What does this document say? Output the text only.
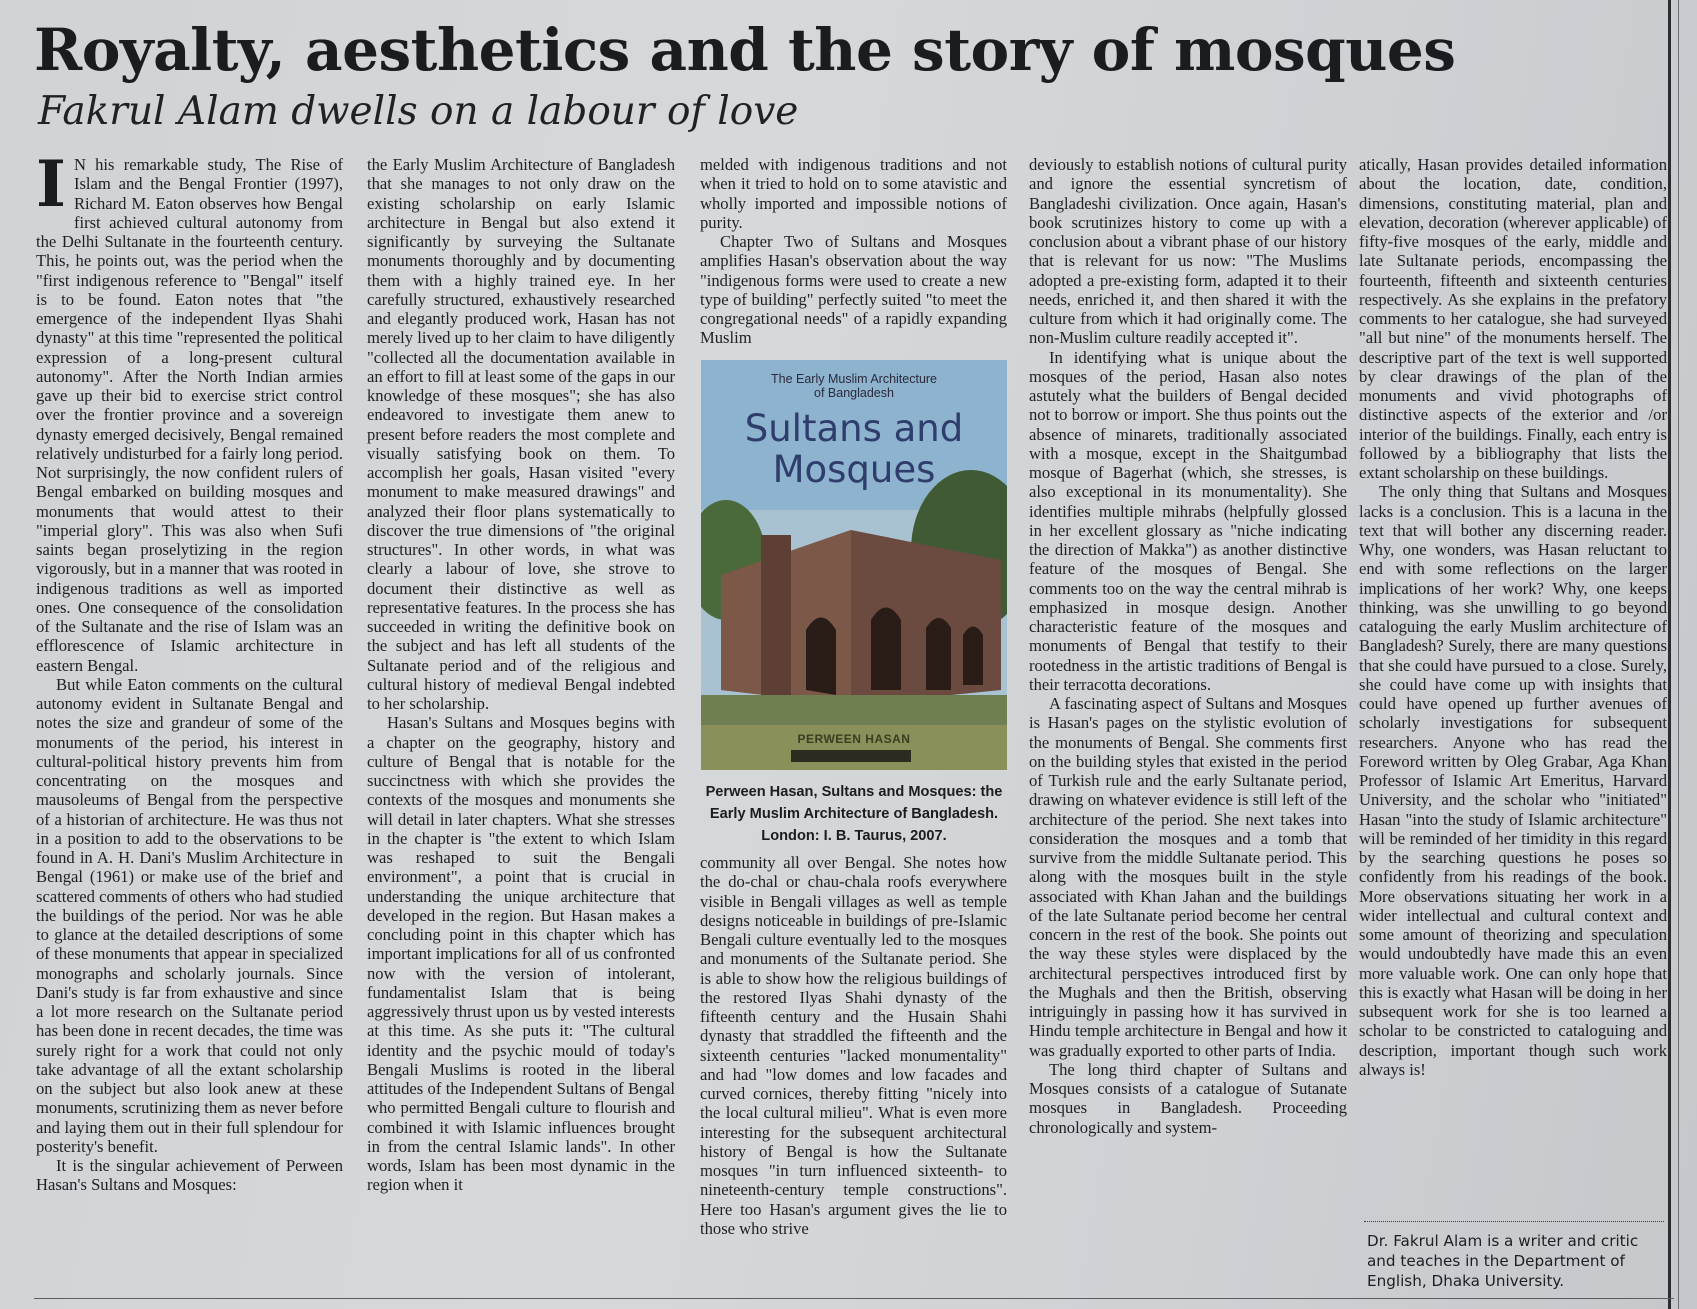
Royalty, aesthetics and the story of mosques
Fakrul Alam dwells on a labour of love
I N his remarkable study, The Rise of Islam and the Bengal Frontier (1997), Richard M. Eaton observes how Bengal first achieved cultural autonomy from the Delhi Sultanate in the fourteenth century. This, he points out, was the period when the "first indigenous reference to "Bengal" itself is to be found. Eaton notes that "the emergence of the independent Ilyas Shahi dynasty" at this time "represented the political expression of a long-present cultural autonomy". After the North Indian armies gave up their bid to exercise strict control over the frontier province and a sovereign dynasty emerged decisively, Bengal remained relatively undisturbed for a fairly long period. Not surprisingly, the now confident rulers of Bengal embarked on building mosques and monuments that would attest to their "imperial glory". This was also when Sufi saints began proselytizing in the region vigorously, but in a manner that was rooted in indigenous traditions as well as imported ones. One consequence of the consolidation of the Sultanate and the rise of Islam was an efflorescence of Islamic architecture in eastern Bengal.

But while Eaton comments on the cultural autonomy evident in Sultanate Bengal and notes the size and grandeur of some of the monuments of the period, his interest in cultural-political history prevents him from concentrating on the mosques and mausoleums of Bengal from the perspective of a historian of architecture. He was thus not in a position to add to the observations to be found in A. H. Dani's Muslim Architecture in Bengal (1961) or make use of the brief and scattered comments of others who had studied the buildings of the period. Nor was he able to glance at the detailed descriptions of some of these monuments that appear in specialized monographs and scholarly journals. Since Dani's study is far from exhaustive and since a lot more research on the Sultanate period has been done in recent decades, the time was surely right for a work that could not only take advantage of all the extant scholarship on the subject but also look anew at these monuments, scrutinizing them as never before and laying them out in their full splendour for posterity's benefit.

It is the singular achievement of Perween Hasan's Sultans and Mosques:

the Early Muslim Architecture of Bangladesh that she manages to not only draw on the existing scholarship on early Islamic architecture in Bengal but also extend it significantly by surveying the Sultanate monuments thoroughly and by documenting them with a highly trained eye. In her carefully structured, exhaustively researched and elegantly produced work, Hasan has not merely lived up to her claim to have diligently "collected all the documentation available in an effort to fill at least some of the gaps in our knowledge of these mosques"; she has also endeavored to investigate them anew to present before readers the most complete and visually satisfying book on them. To accomplish her goals, Hasan visited "every monument to make measured drawings" and analyzed their floor plans systematically to discover the true dimensions of "the original structures". In other words, in what was clearly a labour of love, she strove to document their distinctive as well as representative features. In the process she has succeeded in writing the definitive book on the subject and has left all students of the Sultanate period and of the religious and cultural history of medieval Bengal indebted to her scholarship.

Hasan's Sultans and Mosques begins with a chapter on the geography, history and culture of Bengal that is notable for the succinctness with which she provides the contexts of the mosques and monuments she will detail in later chapters. What she stresses in the chapter is "the extent to which Islam was reshaped to suit the Bengali environment", a point that is crucial in understanding the unique architecture that developed in the region. But Hasan makes a concluding point in this chapter which has important implications for all of us confronted now with the version of intolerant, fundamentalist Islam that is being aggressively thrust upon us by vested interests at this time. As she puts it: "The cultural identity and the psychic mould of today's Bengali Muslims is rooted in the liberal attitudes of the Independent Sultans of Bengal who permitted Bengali culture to flourish and combined it with Islamic influences brought in from the central Islamic lands". In other words, Islam has been most dynamic in the region when it

melded with indigenous traditions and not when it tried to hold on to some atavistic and wholly imported and impossible notions of purity.

Chapter Two of Sultans and Mosques amplifies Hasan's observation about the way "indigenous forms were used to create a new type of building" perfectly suited "to meet the congregational needs" of a rapidly expanding Muslim

community all over Bengal. She notes how the do-chal or chau-chala roofs everywhere visible in Bengali villages as well as temple designs noticeable in buildings of pre-Islamic Bengali culture eventually led to the mosques and monuments of the Sultanate period. She is able to show how the religious buildings of the restored Ilyas Shahi dynasty of the fifteenth century and the Husain Shahi dynasty that straddled the fifteenth and the sixteenth centuries "lacked monumentality" and had "low domes and low facades and curved cornices, thereby fitting "nicely into the local cultural milieu". What is even more interesting for the subsequent architectural history of Bengal is how the Sultanate mosques "in turn influenced sixteenth- to nineteenth-century temple constructions". Here too Hasan's argument gives the lie to those who strive

The Early Muslim Architecture
of Bangladesh
Sultans and
Mosques
PERWEEN HASAN
Perween Hasan, Sultans and Mosques: the Early Muslim Architecture of Bangladesh. London: I. B. Taurus, 2007.

deviously to establish notions of cultural purity and ignore the essential syncretism of Bangladeshi civilization. Once again, Hasan's book scrutinizes history to come up with a conclusion about a vibrant phase of our history that is relevant for us now: "The Muslims adopted a pre-existing form, adapted it to their needs, enriched it, and then shared it with the culture from which it had originally come. The non-Muslim culture readily accepted it".

In identifying what is unique about the mosques of the period, Hasan also notes astutely what the builders of Bengal decided not to borrow or import. She thus points out the absence of minarets, traditionally associated with a mosque, except in the Shaitgumbad mosque of Bagerhat (which, she stresses, is also exceptional in its monumentality). She identifies multiple mihrabs (helpfully glossed in her excellent glossary as "niche indicating the direction of Makka") as another distinctive feature of the mosques of Bengal. She comments too on the way the central mihrab is emphasized in mosque design. Another characteristic feature of the mosques and monuments of Bengal that testify to their rootedness in the artistic traditions of Bengal is their terracotta decorations.

A fascinating aspect of Sultans and Mosques is Hasan's pages on the stylistic evolution of the monuments of Bengal. She comments first on the building styles that existed in the period of Turkish rule and the early Sultanate period, drawing on whatever evidence is still left of the architecture of the period. She next takes into consideration the mosques and a tomb that survive from the middle Sultanate period. This along with the mosques built in the style associated with Khan Jahan and the buildings of the late Sultanate period become her central concern in the rest of the book. She points out the way these styles were displaced by the architectural perspectives introduced first by the Mughals and then the British, observing intriguingly in passing how it has survived in Hindu temple architecture in Bengal and how it was gradually exported to other parts of India.

The long third chapter of Sultans and Mosques consists of a catalogue of Sutanate mosques in Bangladesh. Proceeding chronologically and system-

atically, Hasan provides detailed information about the location, date, condition, dimensions, constituting material, plan and elevation, decoration (wherever applicable) of fifty-five mosques of the early, middle and late Sultanate periods, encompassing the fourteenth, fifteenth and sixteenth centuries respectively. As she explains in the prefatory comments to her catalogue, she had surveyed "all but nine" of the monuments herself. The descriptive part of the text is well supported by clear drawings of the plan of the monuments and vivid photographs of distinctive aspects of the exterior and /or interior of the buildings. Finally, each entry is followed by a bibliography that lists the extant scholarship on these buildings.

The only thing that Sultans and Mosques lacks is a conclusion. This is a lacuna in the text that will bother any discerning reader. Why, one wonders, was Hasan reluctant to end with some reflections on the larger implications of her work? Why, one keeps thinking, was she unwilling to go beyond cataloguing the early Muslim architecture of Bangladesh? Surely, there are many questions that she could have pursued to a close. Surely, she could have come up with insights that could have opened up further avenues of scholarly investigations for subsequent researchers. Anyone who has read the Foreword written by Oleg Grabar, Aga Khan Professor of Islamic Art Emeritus, Harvard University, and the scholar who "initiated" Hasan "into the study of Islamic architecture" will be reminded of her timidity in this regard by the searching questions he poses so confidently from his readings of the book. More observations situating her work in a wider intellectual and cultural context and some amount of theorizing and speculation would undoubtedly have made this an even more valuable work. One can only hope that this is exactly what Hasan will be doing in her subsequent work for she is too learned a scholar to be constricted to cataloguing and description, important though such work always is!

Dr. Fakrul Alam is a writer and critic and teaches in the Department of English, Dhaka University.
